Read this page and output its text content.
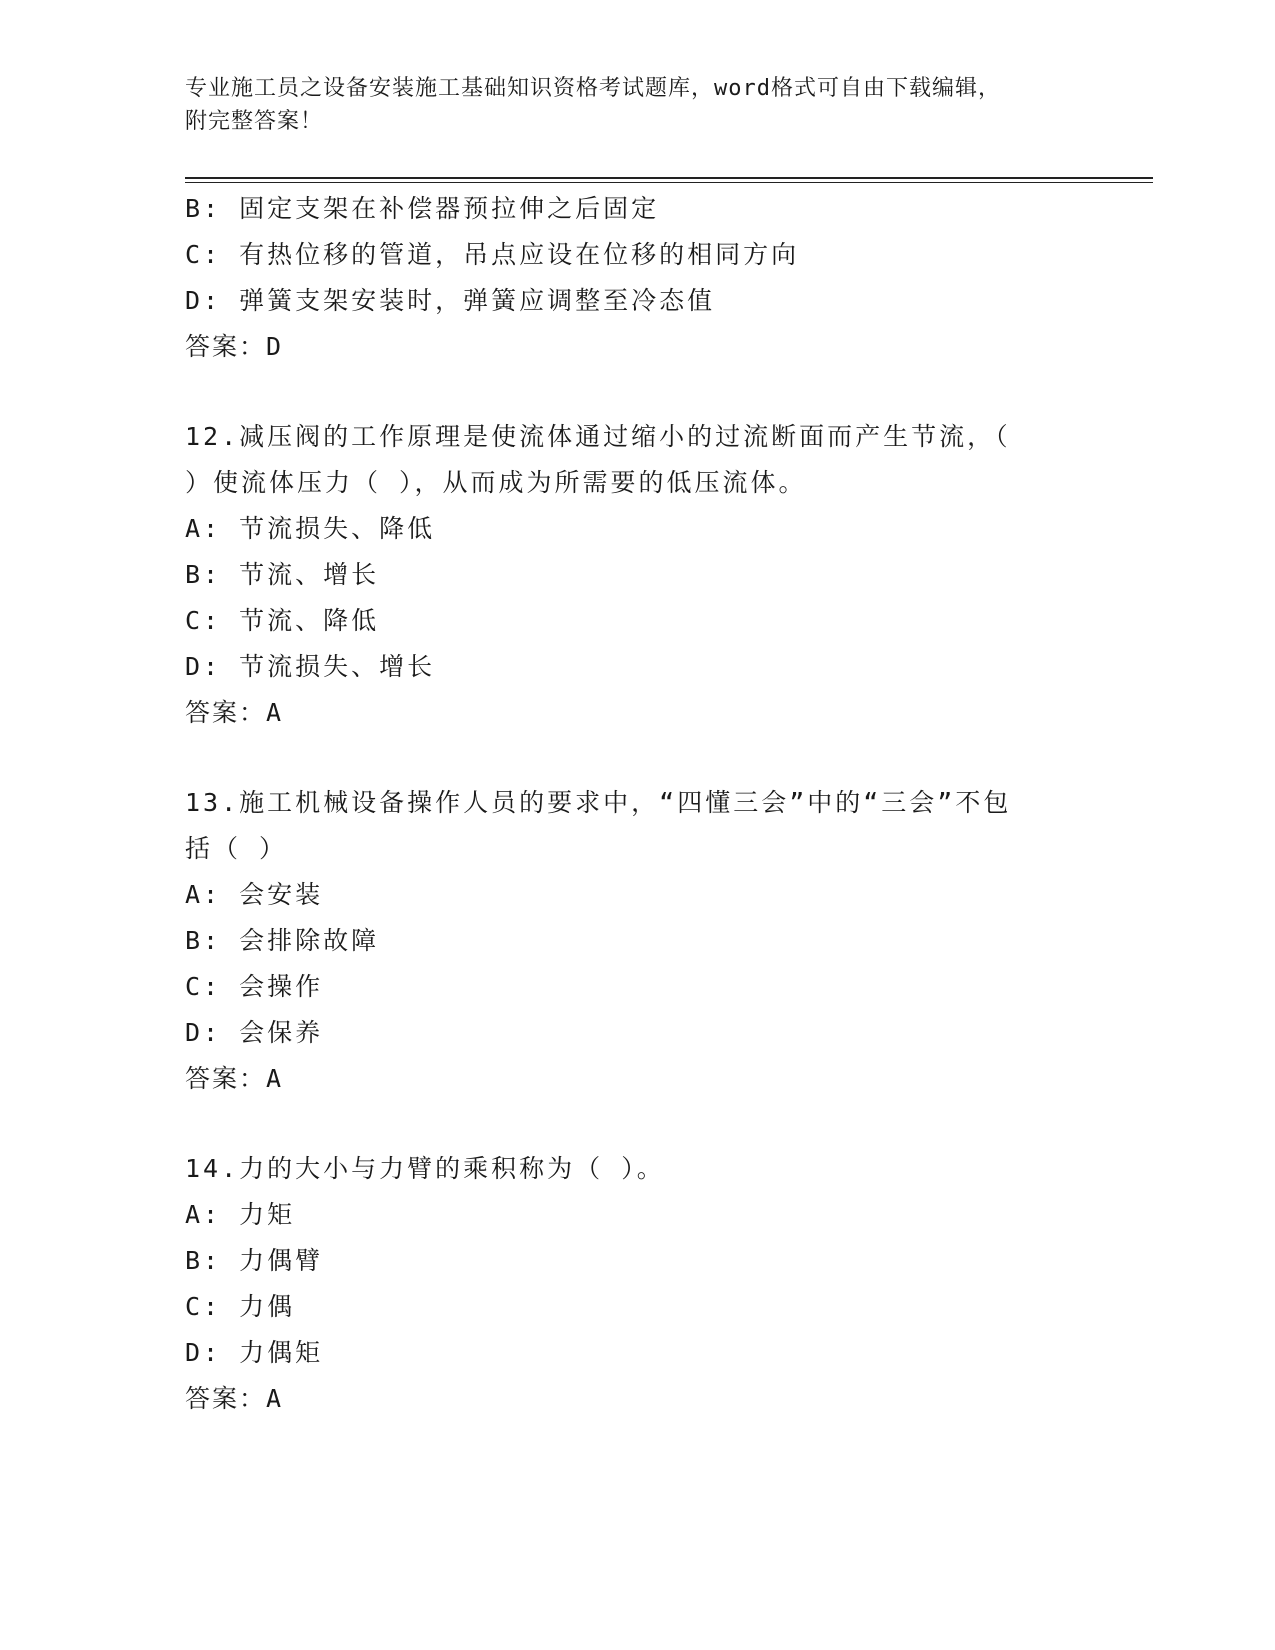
专业施工员之设备安装施工基础知识资格考试题库，word格式可自由下载编辑，
附完整答案！
B: 固定支架在补偿器预拉伸之后固定
C: 有热位移的管道，吊点应设在位移的相同方向
D: 弹簧支架安装时，弹簧应调整至冷态值
答案：D
12.减压阀的工作原理是使流体通过缩小的过流断面而产生节流，（
）使流体压力（ ），从而成为所需要的低压流体。
A: 节流损失、降低
B: 节流、增长
C: 节流、降低
D: 节流损失、增长
答案：A
13.施工机械设备操作人员的要求中，“四懂三会”中的“三会”不包
括（ ）
A: 会安装
B: 会排除故障
C: 会操作
D: 会保养
答案：A
14.力的大小与力臂的乘积称为（ ）。
A: 力矩
B: 力偶臂
C: 力偶
D: 力偶矩
答案：A
